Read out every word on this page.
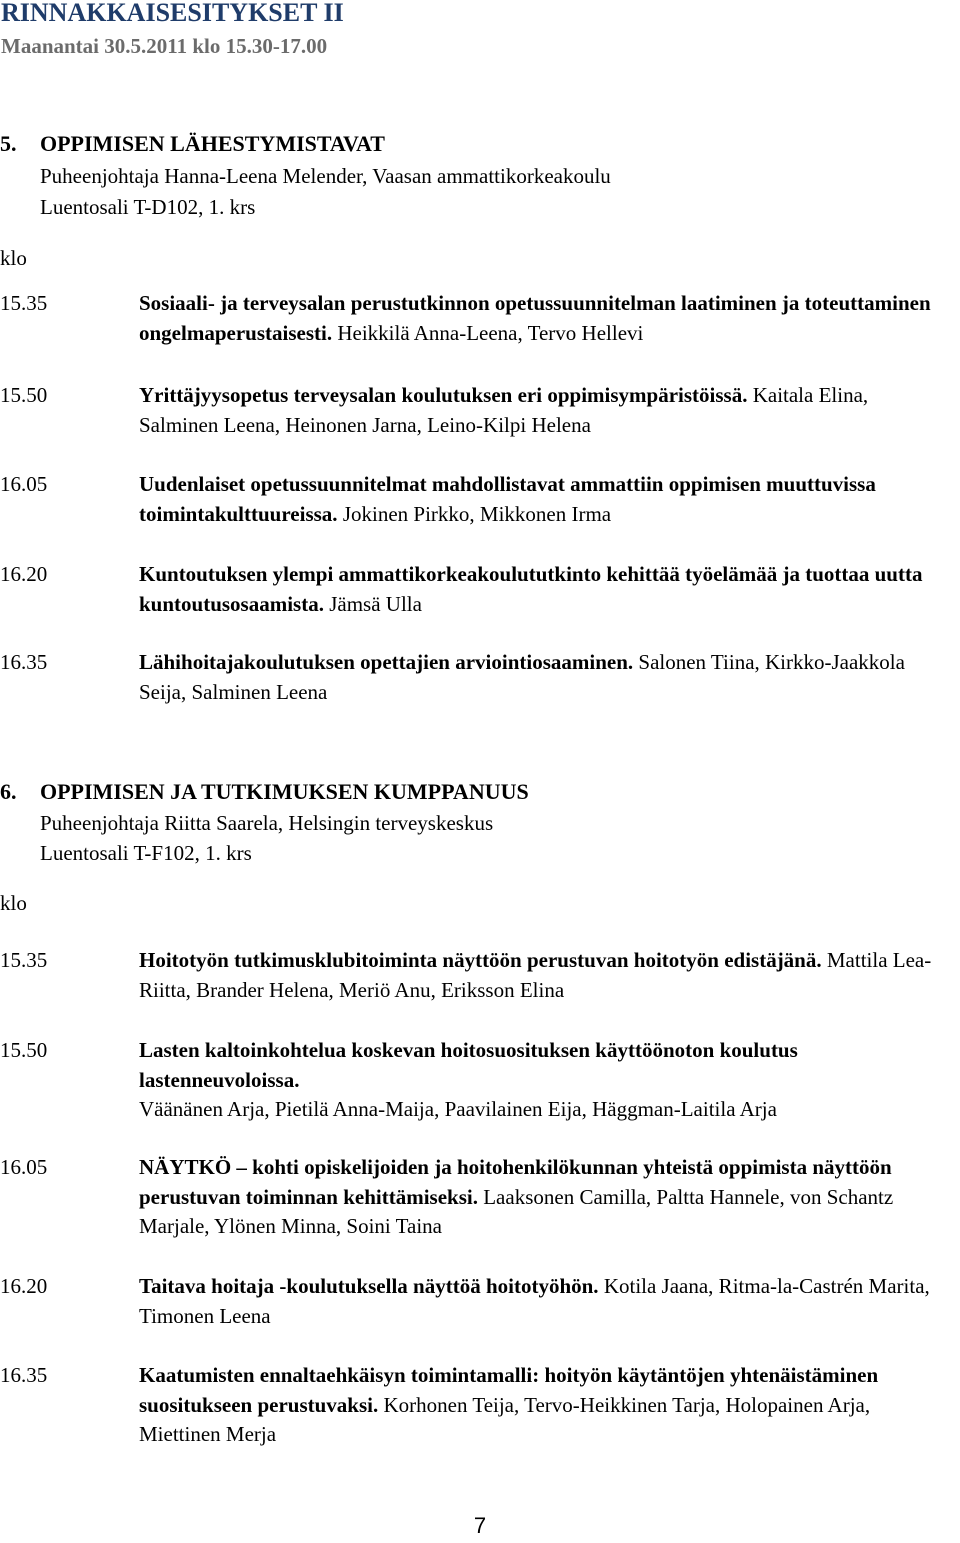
RINNAKKAISESITYKSET II
Maanantai 30.5.2011 klo 15.30-17.00
5. OPPIMISEN LÄHESTYMISTAVAT
Puheenjohtaja Hanna-Leena Melender, Vaasan ammattikorkeakoulu
Luentosali T-D102, 1. krs
klo
15.35	Sosiaali- ja terveysalan perustutkinnon opetussuunnitelman laatiminen ja toteuttaminen ongelmaperustaisesti. Heikkilä Anna-Leena, Tervo Hellevi
15.50	Yrittäjyysopetus terveysalan koulutuksen eri oppimisympäristöissä. Kaitala Elina, Salminen Leena, Heinonen Jarna, Leino-Kilpi Helena
16.05	Uudenlaiset opetussuunnitelmat mahdollistavat ammattiin oppimisen muuttuvissa toimintakulttuureissa. Jokinen Pirkko, Mikkonen Irma
16.20	Kuntoutuksen ylempi ammattikorkeakoulututkinto kehittää työelämää ja tuottaa uutta kuntoutusosaamista. Jämsä Ulla
16.35	Lähihoitajakoulutuksen opettajien arviointiosaaminen. Salonen Tiina, Kirkko-Jaakkola Seija, Salminen Leena
6. OPPIMISEN JA TUTKIMUKSEN KUMPPANUUS
Puheenjohtaja Riitta Saarela, Helsingin terveyskeskus
Luentosali T-F102, 1. krs
klo
15.35	Hoitotyön tutkimusklubitoiminta näyttöön perustuvan hoitotyön edistäjänä. Mattila Lea-Riitta, Brander Helena, Meriö Anu, Eriksson Elina
15.50	Lasten kaltoinkohtelua koskevan hoitosuosituksen käyttöönoton koulutus lastenneuvoloissa.
Väänänen Arja, Pietilä Anna-Maija, Paavilainen Eija, Häggman-Laitila Arja
16.05	NÄYTKÖ – kohti opiskelijoiden ja hoitohenkilökunnan yhteistä oppimista näyttöön perustuvan toiminnan kehittämiseksi. Laaksonen Camilla, Paltta Hannele, von Schantz Marjale, Ylönen Minna, Soini Taina
16.20	Taitava hoitaja -koulutuksella näyttöä hoitotyöhön. Kotila Jaana, Ritma-la-Castrén Marita, Timonen Leena
16.35	Kaatumisten ennaltaehkäisyn toimintamalli: hoityön käytäntöjen yhtenäistäminen suositukseen perustuvaksi. Korhonen Teija, Tervo-Heikkinen Tarja, Holopainen Arja, Miettinen Merja
7
